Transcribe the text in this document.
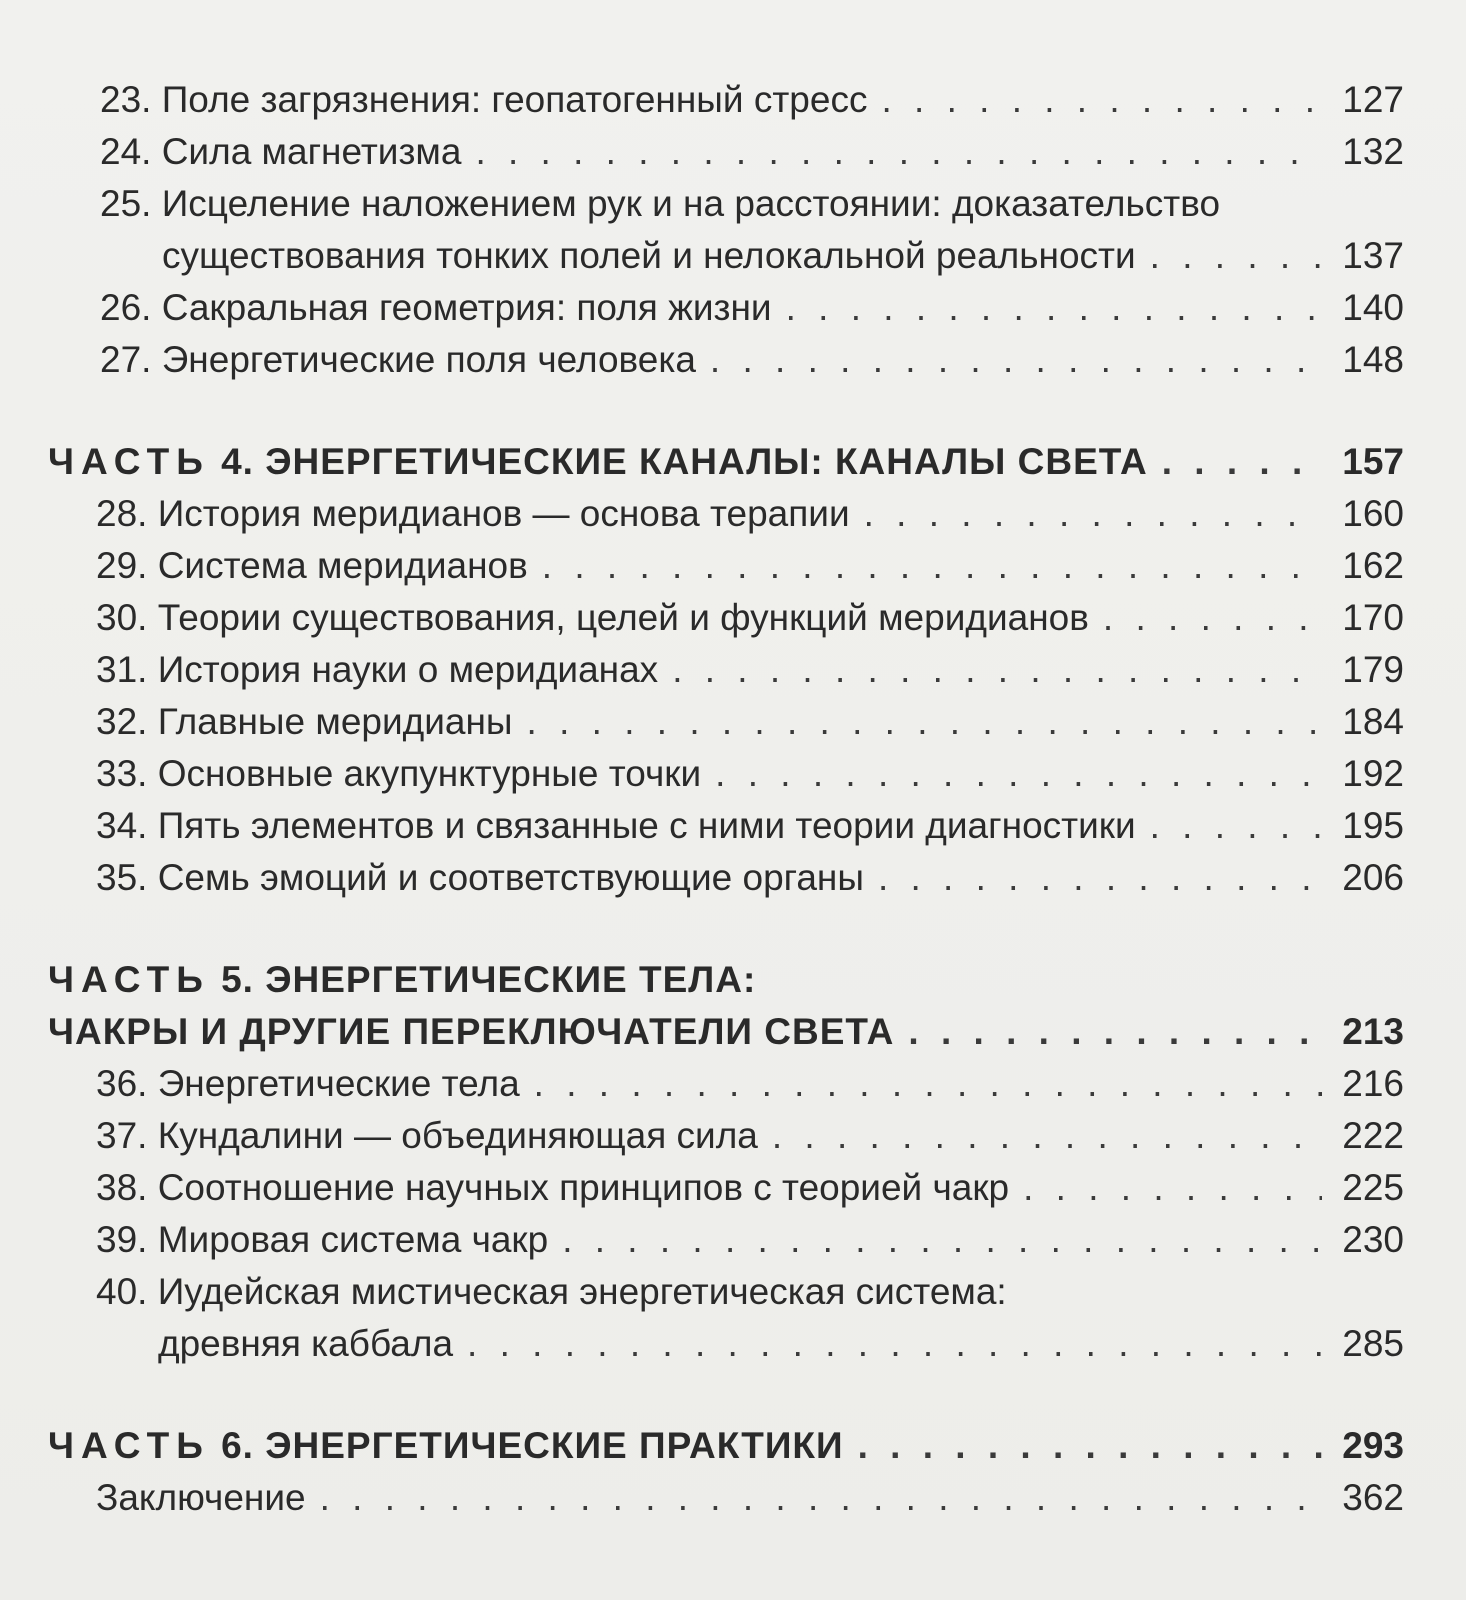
23. Поле загрязнения: геопатогенный стресс . . .	127
24. Сила магнетизма . . .	132
25. Исцеление наложением рук и на расстоянии: доказательство
существования тонких полей и нелокальной реальности . . .	137
26. Сакральная геометрия: поля жизни . . .	140
27. Энергетические поля человека . . .	148
ЧАСТЬ 4. ЭНЕРГЕТИЧЕСКИЕ КАНАЛЫ: КАНАЛЫ СВЕТА . . .	157
28. История меридианов — основа терапии . . .	160
29. Система меридианов . . .	162
30. Теории существования, целей и функций меридианов . . .	170
31. История науки о меридианах . . .	179
32. Главные меридианы . . .	184
33. Основные акупунктурные точки . . .	192
34. Пять элементов и связанные с ними теории диагностики . . .	195
35. Семь эмоций и соответствующие органы . . .	206
ЧАСТЬ 5. ЭНЕРГЕТИЧЕСКИЕ ТЕЛА:
ЧАКРЫ И ДРУГИЕ ПЕРЕКЛЮЧАТЕЛИ СВЕТА . . .	213
36. Энергетические тела . . .	216
37. Кундалини — объединяющая сила . . .	222
38. Соотношение научных принципов с теорией чакр . . .	225
39. Мировая система чакр . . .	230
40. Иудейская мистическая энергетическая система:
древняя каббала . . .	285
ЧАСТЬ 6. ЭНЕРГЕТИЧЕСКИЕ ПРАКТИКИ . . .	293
Заключение . . .	362
